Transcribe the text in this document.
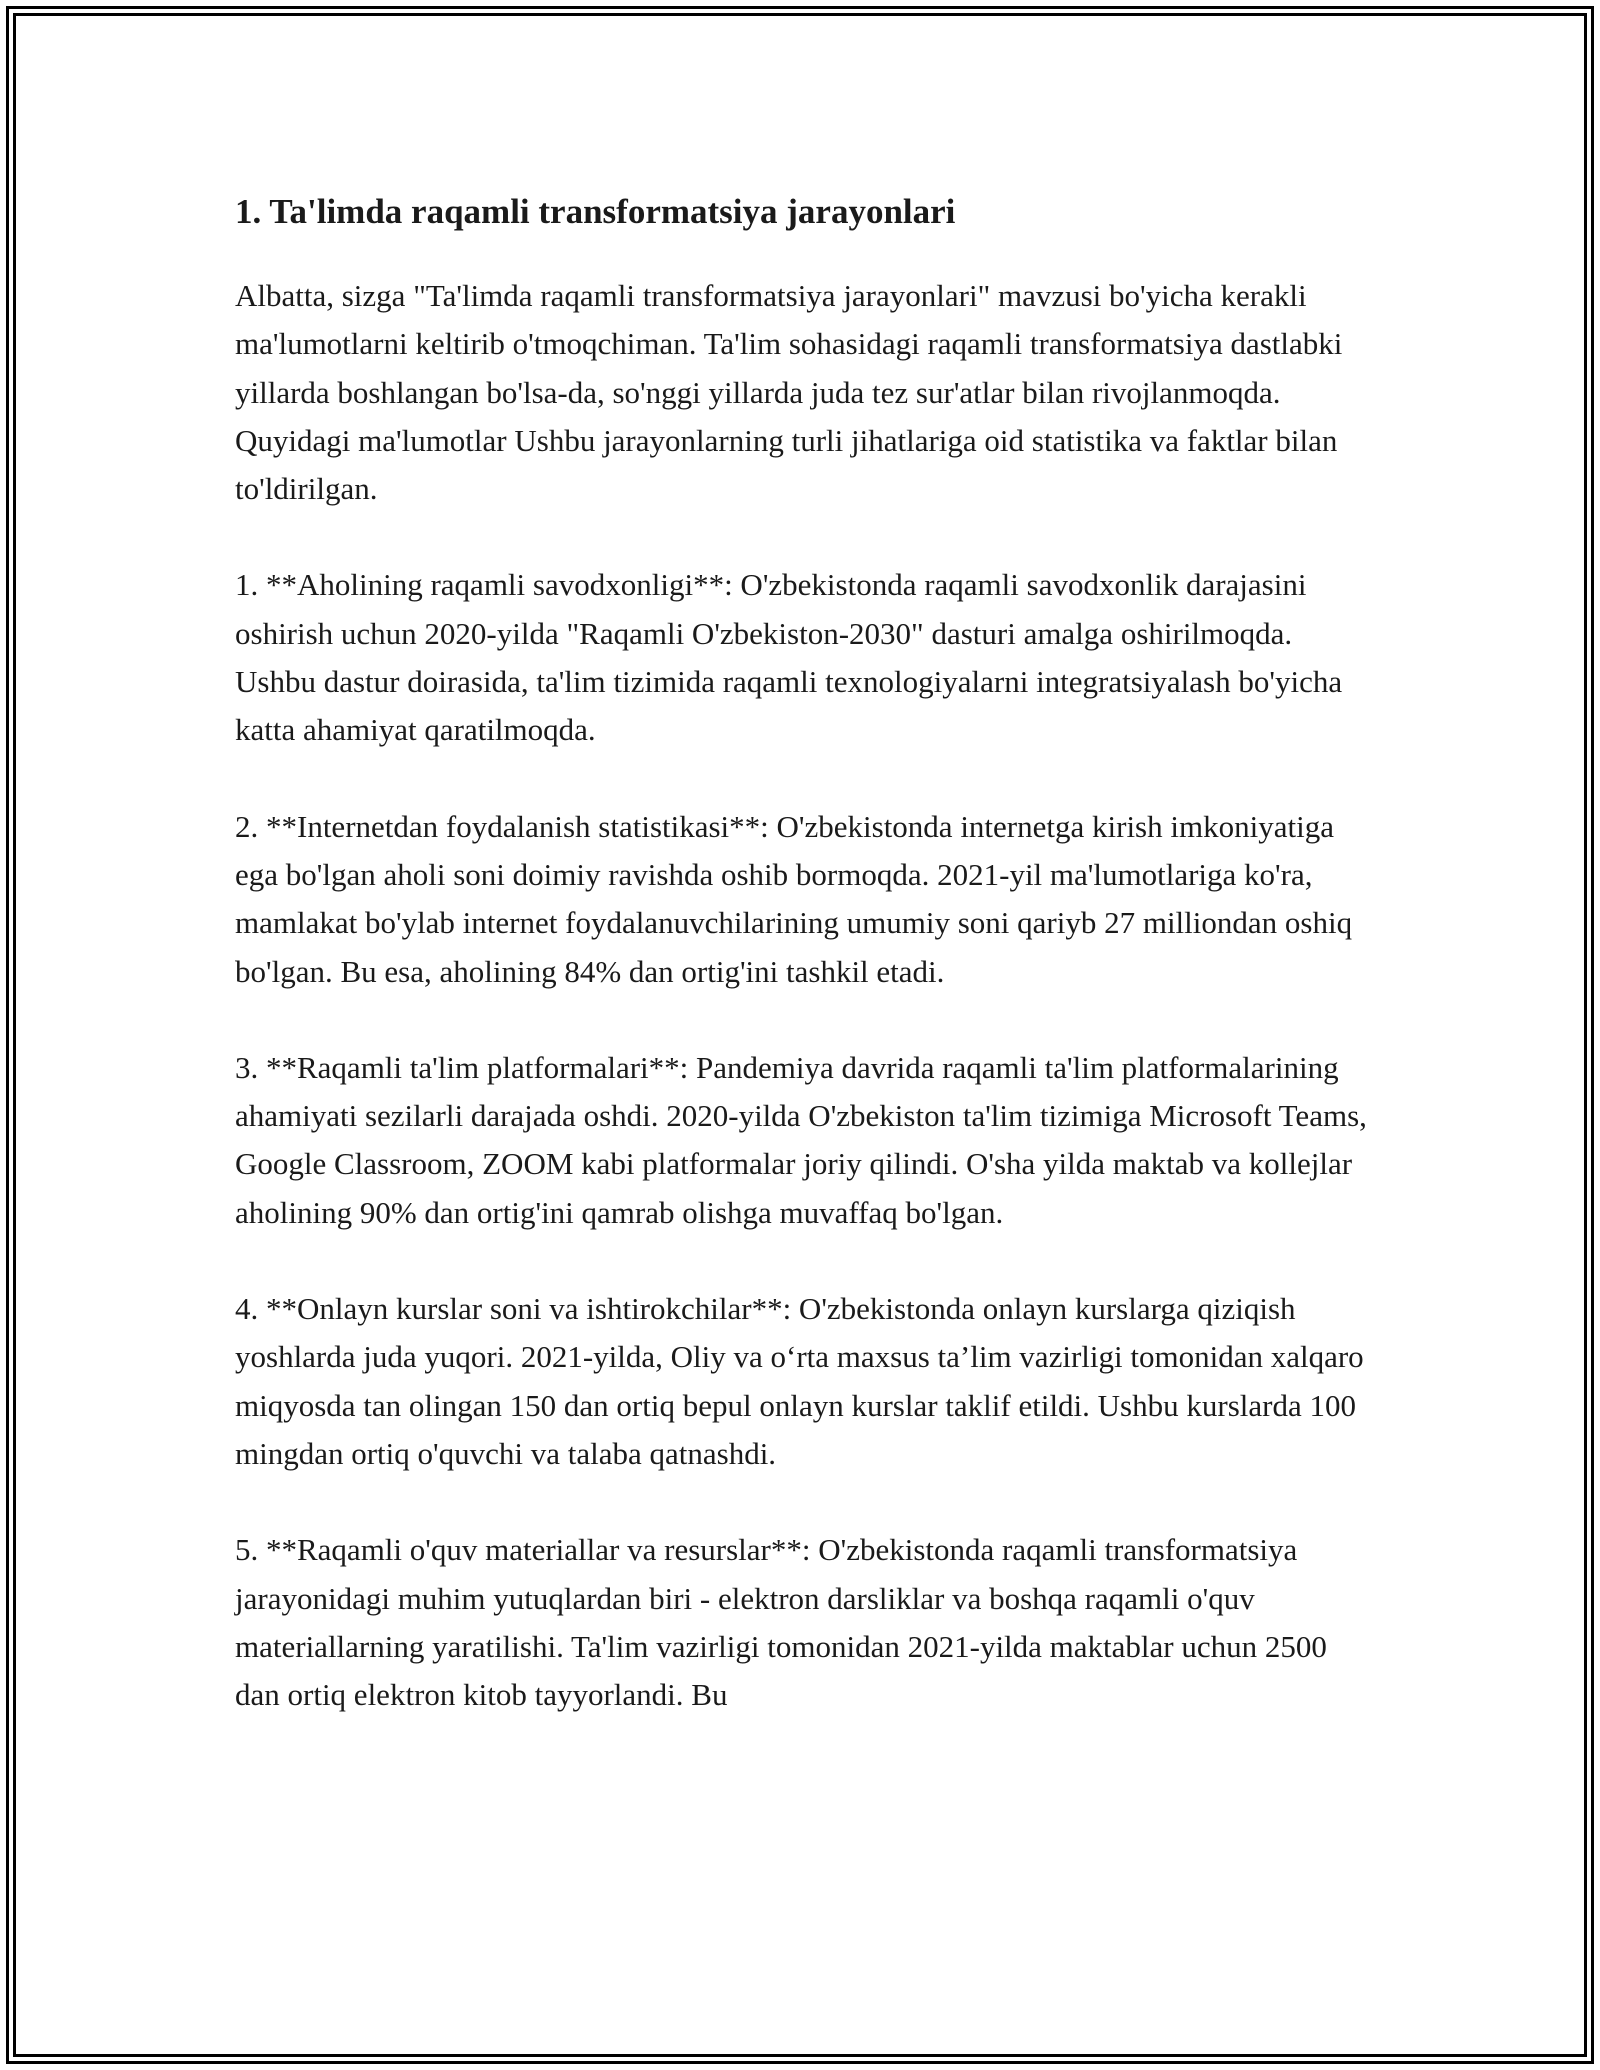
1. Ta'limda raqamli transformatsiya jarayonlari

Albatta, sizga "Ta'limda raqamli transformatsiya jarayonlari" mavzusi bo'yicha kerakli ma'lumotlarni keltirib o'tmoqchiman. Ta'lim sohasidagi raqamli transformatsiya dastlabki yillarda boshlangan bo'lsa-da, so'nggi yillarda juda tez sur'atlar bilan rivojlanmoqda. Quyidagi ma'lumotlar Ushbu jarayonlarning turli jihatlariga oid statistika va faktlar bilan to'ldirilgan.

1. **Aholining raqamli savodxonligi**: O'zbekistonda raqamli savodxonlik darajasini oshirish uchun 2020-yilda "Raqamli O'zbekiston-2030" dasturi amalga oshirilmoqda. Ushbu dastur doirasida, ta'lim tizimida raqamli texnologiyalarni integratsiyalash bo'yicha katta ahamiyat qaratilmoqda.

2. **Internetdan foydalanish statistikasi**: O'zbekistonda internetga kirish imkoniyatiga ega bo'lgan aholi soni doimiy ravishda oshib bormoqda. 2021-yil ma'lumotlariga ko'ra, mamlakat bo'ylab internet foydalanuvchilarining umumiy soni qariyb 27 milliondan oshiq bo'lgan. Bu esa, aholining 84% dan ortig'ini tashkil etadi.

3. **Raqamli ta'lim platformalari**: Pandemiya davrida raqamli ta'lim platformalarining ahamiyati sezilarli darajada oshdi. 2020-yilda O'zbekiston ta'lim tizimiga Microsoft Teams, Google Classroom, ZOOM kabi platformalar joriy qilindi. O'sha yilda maktab va kollejlar aholining 90% dan ortig'ini qamrab olishga muvaffaq bo'lgan.

4. **Onlayn kurslar soni va ishtirokchilar**: O'zbekistonda onlayn kurslarga qiziqish yoshlarda juda yuqori. 2021-yilda, Oliy va o‘rta maxsus ta’lim vazirligi tomonidan xalqaro miqyosda tan olingan 150 dan ortiq bepul onlayn kurslar taklif etildi. Ushbu kurslarda 100 mingdan ortiq o'quvchi va talaba qatnashdi.

5. **Raqamli o'quv materiallar va resurslar**: O'zbekistonda raqamli transformatsiya jarayonidagi muhim yutuqlardan biri - elektron darsliklar va boshqa raqamli o'quv materiallarning yaratilishi. Ta'lim vazirligi tomonidan 2021-yilda maktablar uchun 2500 dan ortiq elektron kitob tayyorlandi. Bu
